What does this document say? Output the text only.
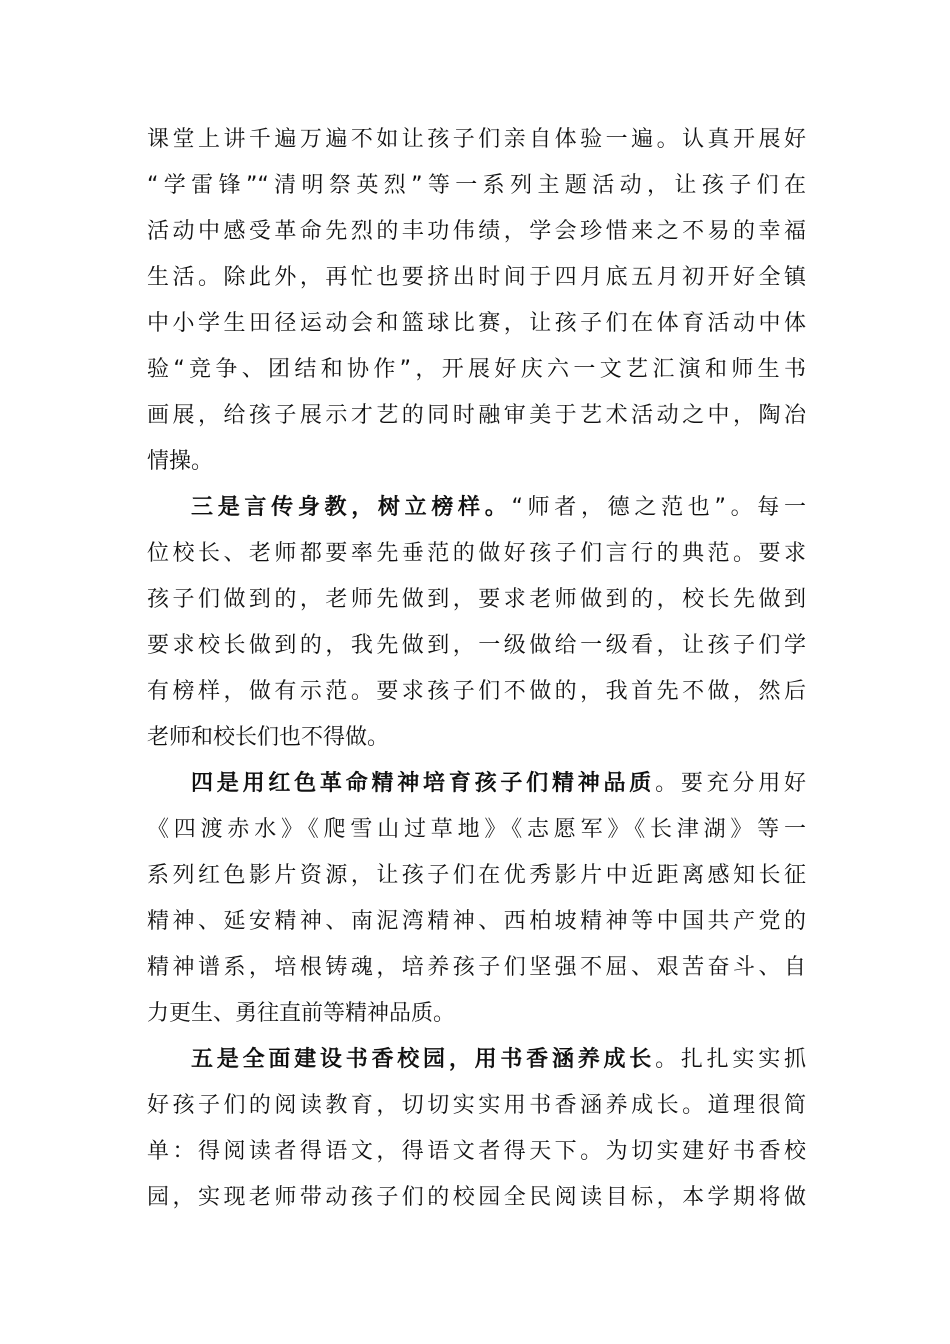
课堂上讲千遍万遍不如让孩子们亲自体验一遍。认真开展好
“学雷锋”“清明祭英烈”等一系列主题活动，让孩子们在
活动中感受革命先烈的丰功伟绩，学会珍惜来之不易的幸福
生活。除此外，再忙也要挤出时间于四月底五月初开好全镇
中小学生田径运动会和篮球比赛，让孩子们在体育活动中体
验“竞争、团结和协作”，开展好庆六一文艺汇演和师生书
画展，给孩子展示才艺的同时融审美于艺术活动之中，陶冶
情操。
三是言传身教，树立榜样。“师者，德之范也”。每一
位校长、老师都要率先垂范的做好孩子们言行的典范。要求
孩子们做到的，老师先做到，要求老师做到的，校长先做到
要求校长做到的，我先做到，一级做给一级看，让孩子们学
有榜样，做有示范。要求孩子们不做的，我首先不做，然后
老师和校长们也不得做。
四是用红色革命精神培育孩子们精神品质。要充分用好
《四渡赤水》《爬雪山过草地》《志愿军》《长津湖》等一
系列红色影片资源，让孩子们在优秀影片中近距离感知长征
精神、延安精神、南泥湾精神、西柏坡精神等中国共产党的
精神谱系，培根铸魂，培养孩子们坚强不屈、艰苦奋斗、自
力更生、勇往直前等精神品质。
五是全面建设书香校园，用书香涵养成长。扎扎实实抓
好孩子们的阅读教育，切切实实用书香涵养成长。道理很简
单：得阅读者得语文，得语文者得天下。为切实建好书香校
园，实现老师带动孩子们的校园全民阅读目标，本学期将做
